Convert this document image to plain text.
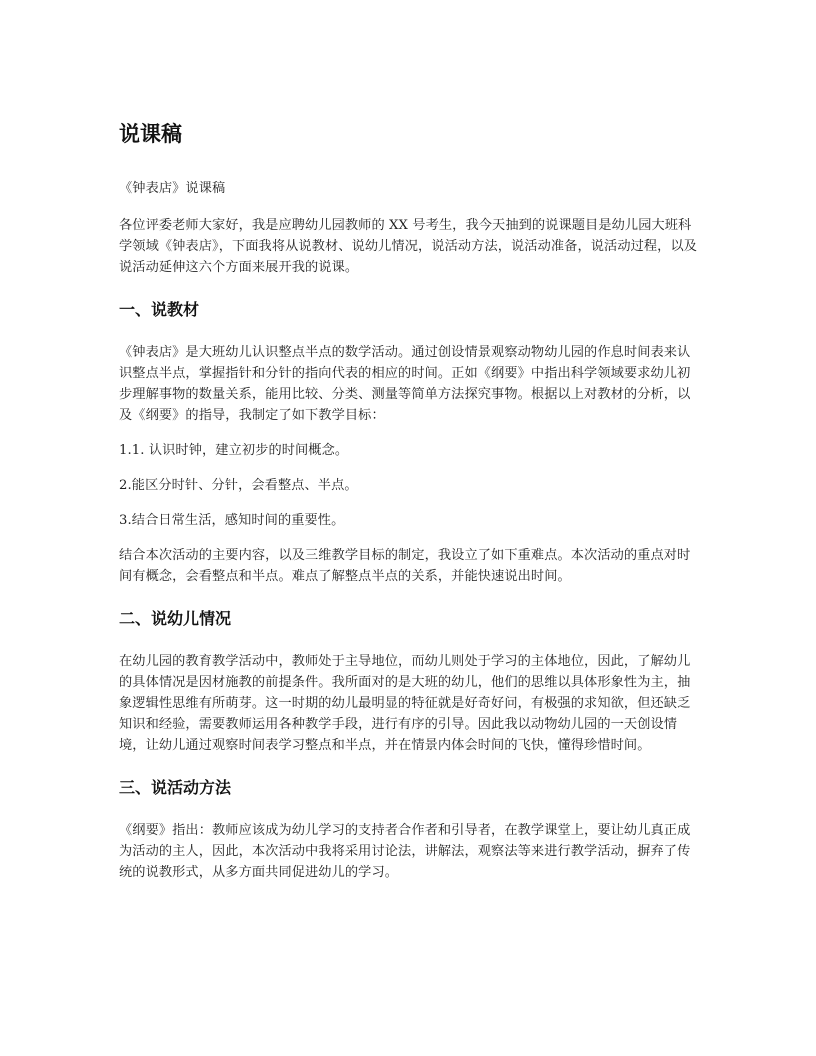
说课稿

《钟表店》说课稿

各位评委老师大家好，我是应聘幼儿园教师的 XX 号考生，我今天抽到的说课题目是幼儿园大班科学领域《钟表店》，下面我将从说教材、说幼儿情况，说活动方法，说活动准备，说活动过程，以及说活动延伸这六个方面来展开我的说课。

一、说教材

《钟表店》是大班幼儿认识整点半点的数学活动。通过创设情景观察动物幼儿园的作息时间表来认识整点半点，掌握指针和分针的指向代表的相应的时间。正如《纲要》中指出科学领域要求幼儿初步理解事物的数量关系，能用比较、分类、测量等简单方法探究事物。根据以上对教材的分析，以及《纲要》的指导，我制定了如下教学目标：

1.1. 认识时钟，建立初步的时间概念。

2.能区分时针、分针，会看整点、半点。

3.结合日常生活，感知时间的重要性。

结合本次活动的主要内容，以及三维教学目标的制定，我设立了如下重难点。本次活动的重点对时间有概念，会看整点和半点。难点了解整点半点的关系，并能快速说出时间。

二、说幼儿情况

在幼儿园的教育教学活动中，教师处于主导地位，而幼儿则处于学习的主体地位，因此，了解幼儿的具体情况是因材施教的前提条件。我所面对的是大班的幼儿，他们的思维以具体形象性为主，抽象逻辑性思维有所萌芽。这一时期的幼儿最明显的特征就是好奇好问，有极强的求知欲，但还缺乏知识和经验，需要教师运用各种教学手段，进行有序的引导。因此我以动物幼儿园的一天创设情境，让幼儿通过观察时间表学习整点和半点，并在情景内体会时间的飞快，懂得珍惜时间。

三、说活动方法

《纲要》指出：教师应该成为幼儿学习的支持者合作者和引导者，在教学课堂上，要让幼儿真正成为活动的主人，因此，本次活动中我将采用讨论法，讲解法，观察法等来进行教学活动，摒弃了传统的说教形式，从多方面共同促进幼儿的学习。
